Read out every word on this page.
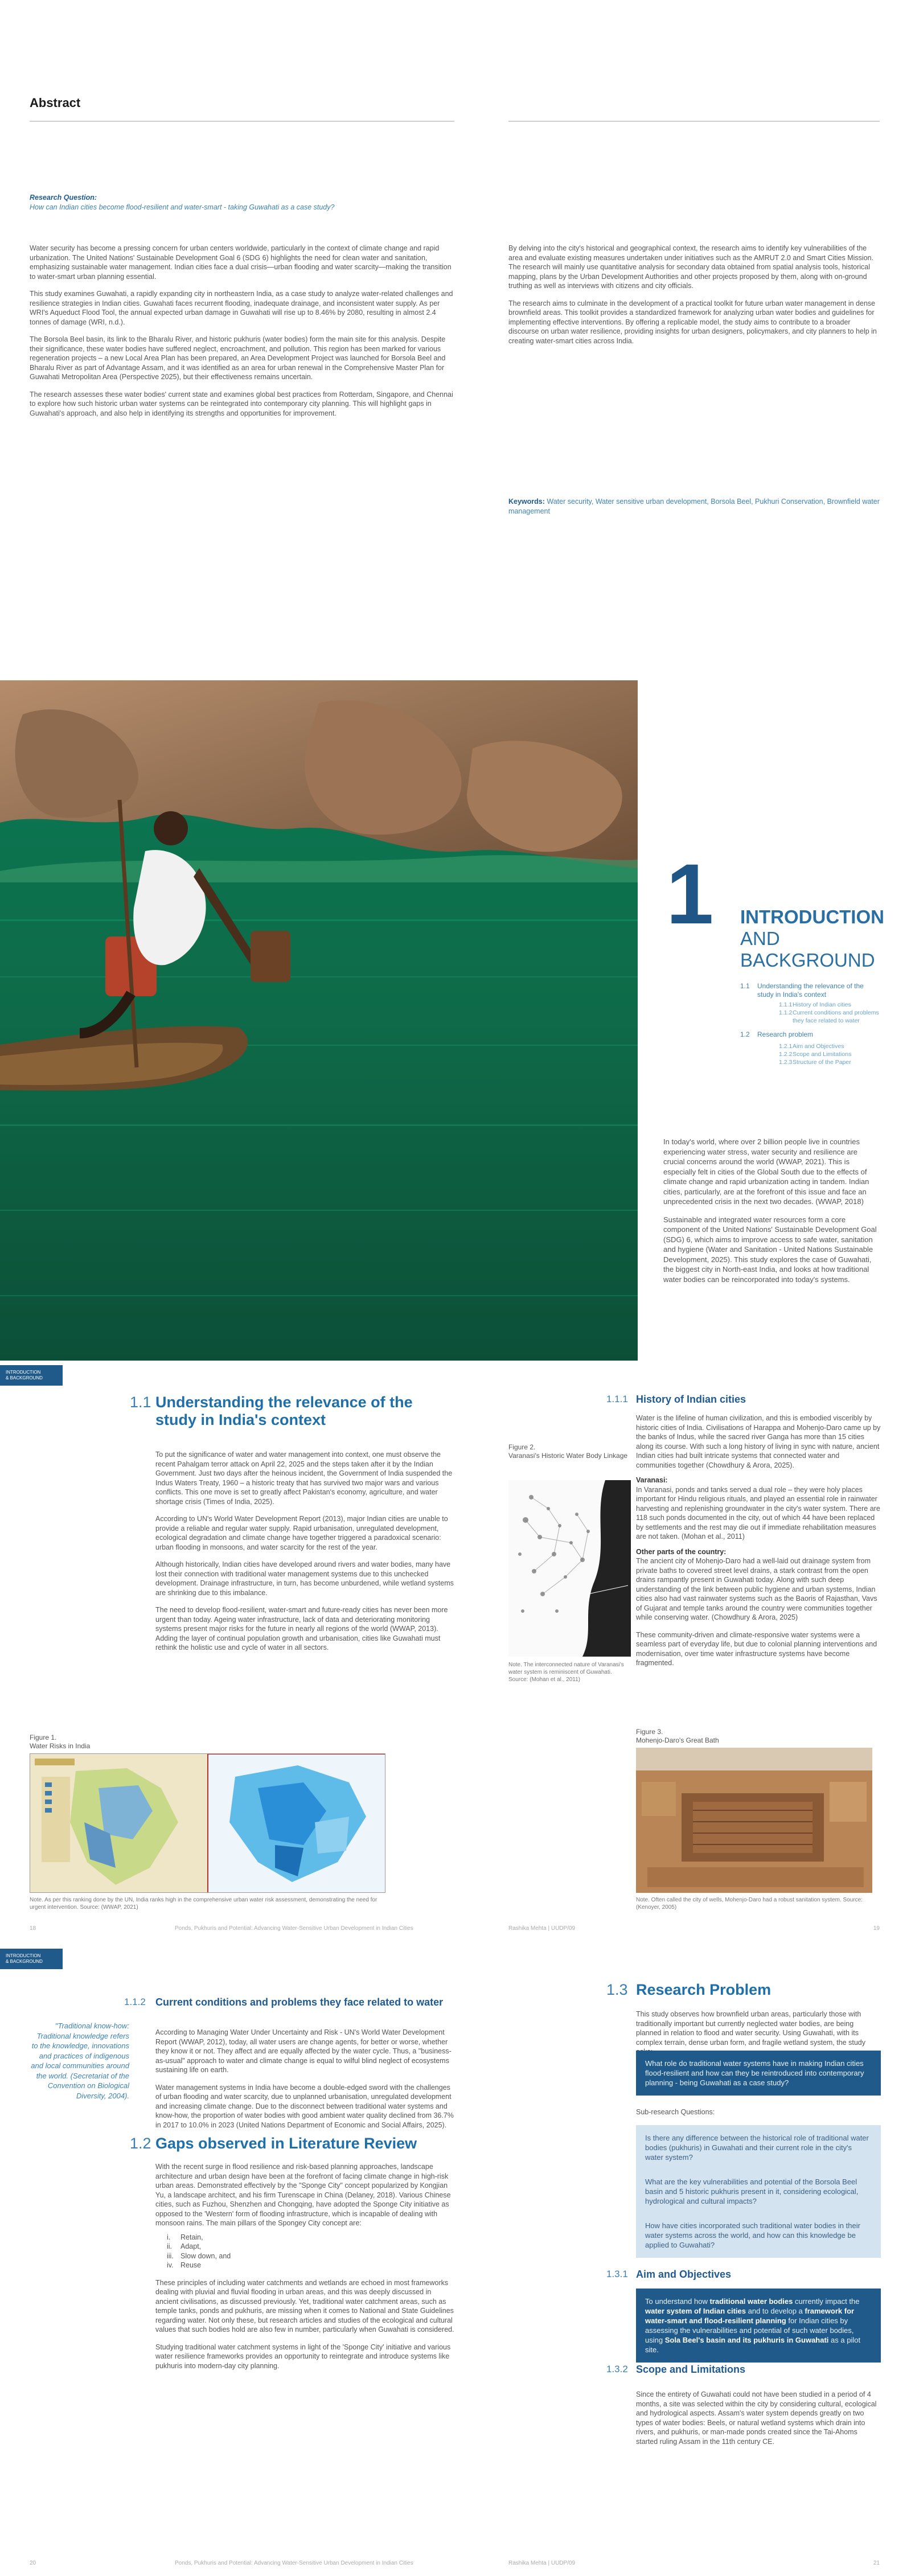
Abstract
Research Question:
How can Indian cities become flood-resilient and water-smart - taking Guwahati as a case study?

Water security has become a pressing concern for urban centers worldwide, particularly in the context of climate change and rapid urbanization. The United Nations' Sustainable Development Goal 6 (SDG 6) highlights the need for clean water and sanitation, emphasizing sustainable water management. Indian cities face a dual crisis—urban flooding and water scarcity—making the transition to water-smart urban planning essential.

This study examines Guwahati, a rapidly expanding city in northeastern India, as a case study to analyze water-related challenges and resilience strategies in Indian cities. Guwahati faces recurrent flooding, inadequate drainage, and inconsistent water supply. As per WRI's Aqueduct Flood Tool, the annual expected urban damage in Guwahati will rise up to 8.46% by 2080, resulting in almost 2.4 tonnes of damage (WRI, n.d.).

The Borsola Beel basin, its link to the Bharalu River, and historic pukhuris (water bodies) form the main site for this analysis. Despite their significance, these water bodies have suffered neglect, encroachment, and pollution. This region has been marked for various regeneration projects – a new Local Area Plan has been prepared, an Area Development Project was launched for Borsola Beel and Bharalu River as part of Advantage Assam, and it was identified as an area for urban renewal in the Comprehensive Master Plan for Guwahati Metropolitan Area (Perspective 2025), but their effectiveness remains uncertain.

The research assesses these water bodies' current state and examines global best practices from Rotterdam, Singapore, and Chennai to explore how such historic urban water systems can be reintegrated into contemporary city planning. This will highlight gaps in Guwahati's approach, and also help in identifying its strengths and opportunities for improvement.

By delving into the city's historical and geographical context, the research aims to identify key vulnerabilities of the area and evaluate existing measures undertaken under initiatives such as the AMRUT 2.0 and Smart Cities Mission. The research will mainly use quantitative analysis for secondary data obtained from spatial analysis tools, historical mapping, plans by the Urban Development Authorities and other projects proposed by them, along with on-ground truthing as well as interviews with citizens and city officials.

The research aims to culminate in the development of a practical toolkit for future urban water management in dense brownfield areas. This toolkit provides a standardized framework for analyzing urban water bodies and guidelines for implementing effective interventions. By offering a replicable model, the study aims to contribute to a broader discourse on urban water resilience, providing insights for urban designers, policymakers, and city planners to help in creating water-smart cities across India.

Keywords: Water security, Water sensitive urban development, Borsola Beel, Pukhuri Conservation, Brownfield water management
1 INTRODUCTION AND
BACKGROUND
1.1 Understanding the relevance of the study in India's context
1.1.1 History of Indian cities
1.1.2 Current conditions and problems they face related to water
1.2 Research problem
1.2.1 Aim and Objectives
1.2.2 Scope and Limitations
1.2.3 Structure of the Paper

In today's world, where over 2 billion people live in countries experiencing water stress, water security and resilience are crucial concerns around the world (WWAP, 2021). This is especially felt in cities of the Global South due to the effects of climate change and rapid urbanization acting in tandem. Indian cities, particularly, are at the forefront of this issue and face an unprecedented crisis in the next two decades. (WWAP, 2018)

Sustainable and integrated water resources form a core component of the United Nations' Sustainable Development Goal (SDG) 6, which aims to improve access to safe water, sanitation and hygiene (Water and Sanitation - United Nations Sustainable Development, 2025). This study explores the case of Guwahati, the biggest city in North-east India, and looks at how traditional water bodies can be reincorporated into today's systems.

INTRODUCTION
& BACKGROUND
1.1 Understanding the relevance of the study in India's context

To put the significance of water and water management into context, one must observe the recent Pahalgam terror attack on April 22, 2025 and the steps taken after it by the Indian Government. Just two days after the heinous incident, the Government of India suspended the Indus Waters Treaty, 1960 – a historic treaty that has survived two major wars and various conflicts. This one move is set to greatly affect Pakistan's economy, agriculture, and water shortage crisis (Times of India, 2025).

According to UN's World Water Development Report (2013), major Indian cities are unable to provide a reliable and regular water supply. Rapid urbanisation, unregulated development, ecological degradation and climate change have together triggered a paradoxical scenario: urban flooding in monsoons, and water scarcity for the rest of the year.

Although historically, Indian cities have developed around rivers and water bodies, many have lost their connection with traditional water management systems due to this unchecked development. Drainage infrastructure, in turn, has become unburdened, while wetland systems are shrinking due to this imbalance.

The need to develop flood-resilient, water-smart and future-ready cities has never been more urgent than today. Ageing water infrastructure, lack of data and deteriorating monitoring systems present major risks for the future in nearly all regions of the world (WWAP, 2013). Adding the layer of continual population growth and urbanisation, cities like Guwahati must rethink the holistic use and cycle of water in all sectors.

Figure 1.
Water Risks in India
Note. As per this ranking done by the UN, India ranks high in the comprehensive urban water risk assessment, demonstrating the need for urgent intervention. Source: (WWAP, 2021)
1.1.1 History of Indian cities

Water is the lifeline of human civilization, and this is embodied visceribly by historic cities of India. Civilisations of Harappa and Mohenjo-Daro came up by the banks of Indus, while the sacred river Ganga has more than 15 cities along its course. With such a long history of living in sync with nature, ancient Indian cities had built intricate systems that connected water and communities together (Chowdhury & Arora, 2025).

Varanasi:

In Varanasi, ponds and tanks served a dual role – they were holy places important for Hindu religious rituals, and played an essential role in rainwater harvesting and replenishing groundwater in the city's water system. There are 118 such ponds documented in the city, out of which 44 have been replaced by settlements and the rest may die out if immediate rehabilitation measures are not taken. (Mohan et al., 2011)

Other parts of the country:

The ancient city of Mohenjo-Daro had a well-laid out drainage system from private baths to covered street level drains, a stark contrast from the open drains rampantly present in Guwahati today. Along with such deep understanding of the link between public hygiene and urban systems, Indian cities also had vast rainwater systems such as the Baoris of Rajasthan, Vavs of Gujarat and temple tanks around the country were communities together while conserving water. (Chowdhury & Arora, 2025)

These community-driven and climate-responsive water systems were a seamless part of everyday life, but due to colonial planning interventions and modernisation, over time water infrastructure systems have become fragmented.

Figure 2.
Varanasi's Historic Water Body Linkage
Note. The interconnected nature of Varanasi's water system is reminiscent of Guwahati. Source: (Mohan et al., 2011)
Figure 3.
Mohenjo-Daro's Great Bath
Note. Often called the city of wells, Mohenjo-Daro had a robust sanitation system. Source: (Kenoyer, 2005)
18	Ponds, Pukhuris and Potential: Advancing Water-Sensitive Urban Development in Indian Cities	Rashika Mehta | UUDP/09	19
INTRODUCTION
& BACKGROUND
"Traditional know-how: Traditional knowledge refers to the knowledge, innovations and practices of indigenous and local communities around the world. (Secretariat of the Convention on Biological Diversity, 2004).
1.1.2 Current conditions and problems they face related to water

According to Managing Water Under Uncertainty and Risk - UN's World Water Development Report (WWAP, 2012), today, all water users are change agents, for better or worse, whether they know it or not. They affect and are equally affected by the water cycle. Thus, a "business-as-usual" approach to water and climate change is equal to wilful blind neglect of ecosystems sustaining life on earth.

Water management systems in India have become a double-edged sword with the challenges of urban flooding and water scarcity, due to unplanned urbanisation, unregulated development and increasing climate change. Due to the disconnect between traditional water systems and know-how, the proportion of water bodies with good ambient water quality declined from 36.7% in 2017 to 10.0% in 2023 (United Nations Department of Economic and Social Affairs, 2025).

1.2 Gaps observed in Literature Review

With the recent surge in flood resilience and risk-based planning approaches, landscape architecture and urban design have been at the forefront of facing climate change in high-risk urban areas. Demonstrated effectively by the "Sponge City" concept popularized by Kongjian Yu, a landscape architect, and his firm Turenscape in China (Delaney, 2018). Various Chinese cities, such as Fuzhou, Shenzhen and Chongqing, have adopted the Sponge City initiative as opposed to the 'Western' form of flooding infrastructure, which is incapable of dealing with monsoon rains. The main pillars of the Spongey City concept are:

i. Retain,
ii. Adapt,
iii. Slow down, and
iv. Reuse

These principles of including water catchments and wetlands are echoed in most frameworks dealing with pluvial and fluvial flooding in urban areas, and this was deeply discussed in ancient civilisations, as discussed previously. Yet, traditional water catchment areas, such as temple tanks, ponds and pukhuris, are missing when it comes to National and State Guidelines regarding water. Not only these, but research articles and studies of the ecological and cultural values that such bodies hold are also few in number, particularly when Guwahati is considered.

Studying traditional water catchment systems in light of the 'Sponge City' initiative and various water resilience frameworks provides an opportunity to reintegrate and introduce systems like pukhuris into modern-day city planning.

1.3 Research Problem

This study observes how brownfield urban areas, particularly those with traditionally important but currently neglected water bodies, are being planned in relation to flood and water security. Using Guwahati, with its complex terrain, dense urban form, and fragile wetland system, the study

What role do traditional water systems have in making Indian cities flood-resilient and how can they be reintroduced into contemporary planning - being Guwahati as a case study?
Sub-research Questions:
Is there any difference between the historical role of traditional water bodies (pukhuris) in Guwahati and their current role in the city's water system?
What are the key vulnerabilities and potential of the Borsola Beel basin and 5 historic pukhuris present in it, considering ecological, hydrological and cultural impacts?
How have cities incorporated such traditional water bodies in their water systems across the world, and how can this knowledge be applied to Guwahati?
1.3.1 Aim and Objectives
To understand how traditional water bodies currently impact the water system of Indian cities and to develop a framework for water-smart and flood-resilient planning for Indian cities by assessing the vulnerabilities and potential of such water bodies, using Sola Beel's basin and its pukhuris in Guwahati as a pilot site.
1.3.2 Scope and Limitations

Since the entirety of Guwahati could not have been studied in a period of 4 months, a site was selected within the city by considering cultural, ecological and hydrological aspects. Assam's water system depends greatly on two types of water bodies: Beels, or natural wetland systems which drain into rivers, and pukhuris, or man-made ponds created since the Tai-Ahoms started ruling Assam in the 11th century CE.

20	Ponds, Pukhuris and Potential: Advancing Water-Sensitive Urban Development in Indian Cities	Rashika Mehta | UUDP/09	21
